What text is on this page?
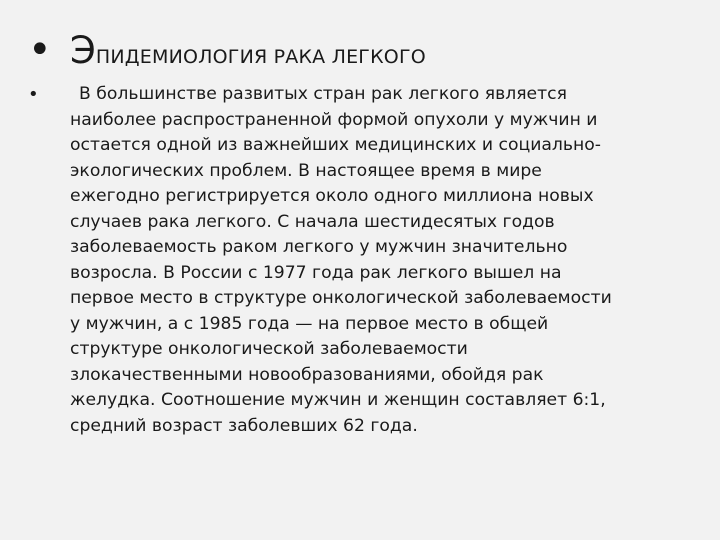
• ЭПИДЕМИОЛОГИЯ РАКА ЛЕГКОГО
•	В большинстве развитых стран рак легкого является
наиболее распространенной формой опухоли у мужчин и
остается одной из важнейших медицинских и социально-
экологических проблем. В настоящее время в мире
ежегодно регистрируется около одного миллиона новых
случаев рака легкого. С начала шестидесятых годов
заболеваемость раком легкого у мужчин значительно
возросла. В России с 1977 года рак легкого вышел на
первое место в структуре онкологической заболеваемости
у мужчин, а с 1985 года — на первое место в общей
структуре онкологической заболеваемости
злокачественными новообразованиями, обойдя рак
желудка. Соотношение мужчин и женщин составляет 6:1,
средний возраст заболевших 62 года.
